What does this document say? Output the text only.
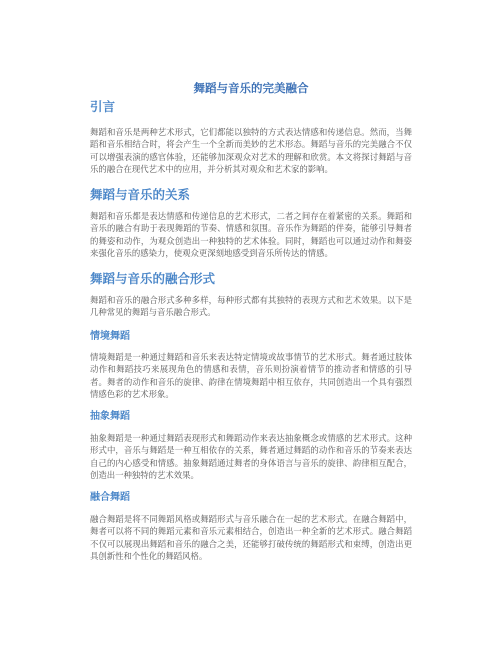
舞蹈与音乐的完美融合
引言
舞蹈和音乐是两种艺术形式，它们都能以独特的方式表达情感和传递信息。然而，当舞蹈和音乐相结合时，将会产生一个全新而美妙的艺术形态。舞蹈与音乐的完美融合不仅可以增强表演的感官体验，还能够加深观众对艺术的理解和欣赏。本文将探讨舞蹈与音乐的融合在现代艺术中的应用，并分析其对观众和艺术家的影响。
舞蹈与音乐的关系
舞蹈和音乐都是表达情感和传递信息的艺术形式，二者之间存在着紧密的关系。舞蹈和音乐的融合有助于表现舞蹈的节奏、情感和氛围。音乐作为舞蹈的伴奏，能够引导舞者的舞姿和动作，为观众创造出一种独特的艺术体验。同时，舞蹈也可以通过动作和舞姿来强化音乐的感染力，使观众更深刻地感受到音乐所传达的情感。
舞蹈与音乐的融合形式
舞蹈和音乐的融合形式多种多样，每种形式都有其独特的表现方式和艺术效果。以下是几种常见的舞蹈与音乐融合形式。
情境舞蹈
情境舞蹈是一种通过舞蹈和音乐来表达特定情境或故事情节的艺术形式。舞者通过肢体动作和舞蹈技巧来展现角色的情感和表情，音乐则扮演着情节的推动者和情感的引导者。舞者的动作和音乐的旋律、韵律在情境舞蹈中相互依存，共同创造出一个具有强烈情感色彩的艺术形象。
抽象舞蹈
抽象舞蹈是一种通过舞蹈表现形式和舞蹈动作来表达抽象概念或情感的艺术形式。这种形式中，音乐与舞蹈是一种互相依存的关系，舞者通过舞蹈的动作和音乐的节奏来表达自己的内心感受和情感。抽象舞蹈通过舞者的身体语言与音乐的旋律、韵律相互配合，创造出一种独特的艺术效果。
融合舞蹈
融合舞蹈是将不同舞蹈风格或舞蹈形式与音乐融合在一起的艺术形式。在融合舞蹈中，舞者可以将不同的舞蹈元素和音乐元素相结合，创造出一种全新的艺术形式。融合舞蹈不仅可以展现出舞蹈和音乐的融合之美，还能够打破传统的舞蹈形式和束缚，创造出更具创新性和个性化的舞蹈风格。
